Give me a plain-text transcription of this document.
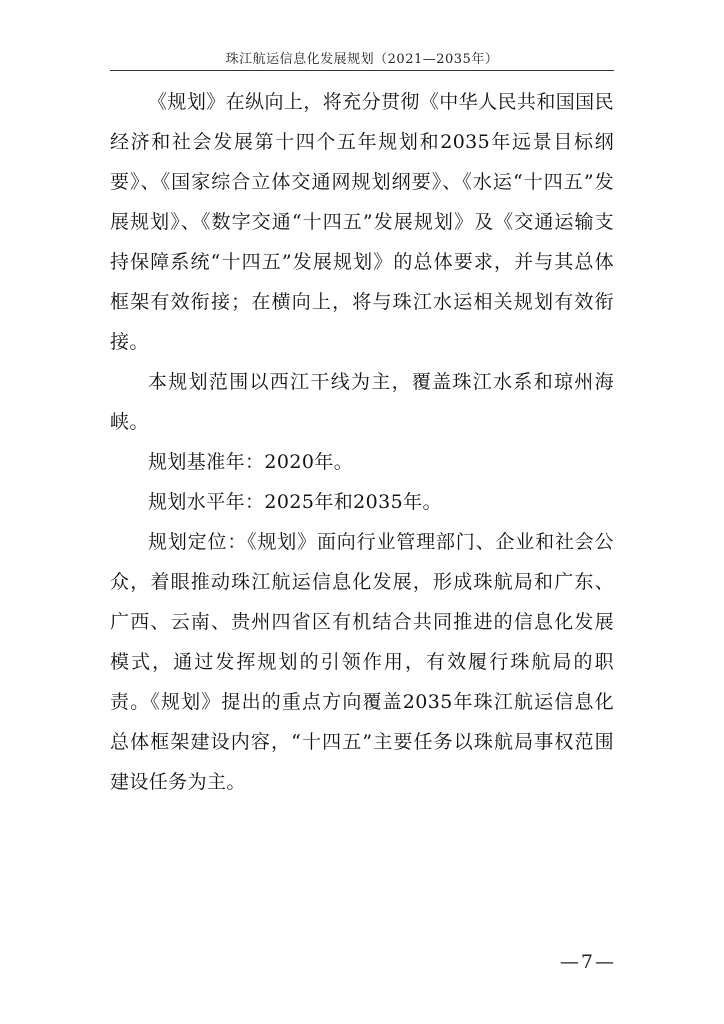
珠江航运信息化发展规划（2021—2035年）

《规划》在纵向上，将充分贯彻《中华人民共和国国民经济和社会发展第十四个五年规划和2035年远景目标纲要》、《国家综合立体交通网规划纲要》、《水运“十四五”发展规划》、《数字交通“十四五”发展规划》及《交通运输支持保障系统“十四五”发展规划》的总体要求，并与其总体框架有效衔接；在横向上，将与珠江水运相关规划有效衔接。

本规划范围以西江干线为主，覆盖珠江水系和琼州海峡。

规划基准年：2020年。

规划水平年：2025年和2035年。

规划定位：《规划》面向行业管理部门、企业和社会公众，着眼推动珠江航运信息化发展，形成珠航局和广东、广西、云南、贵州四省区有机结合共同推进的信息化发展模式，通过发挥规划的引领作用，有效履行珠航局的职责。《规划》提出的重点方向覆盖2035年珠江航运信息化总体框架建设内容，“十四五”主要任务以珠航局事权范围建设任务为主。

—7—
